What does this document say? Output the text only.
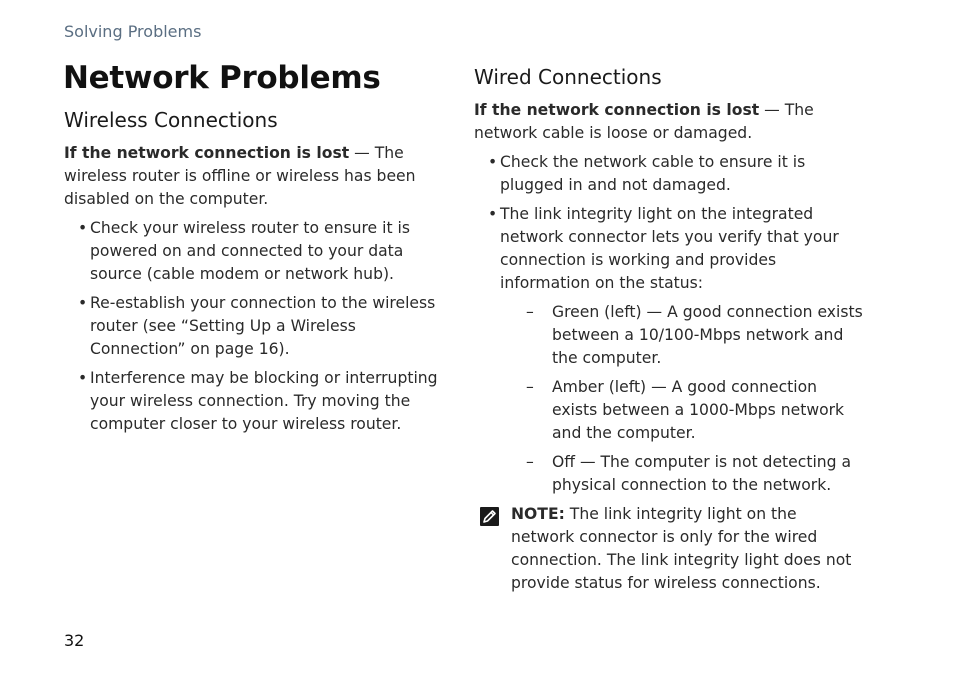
Solving Problems
Network Problems
Wireless Connections

If the network connection is lost — The wireless router is offline or wireless has been disabled on the computer.

• Check your wireless router to ensure it is powered on and connected to your data source (cable modem or network hub).
• Re-establish your connection to the wireless router (see “Setting Up a Wireless Connection” on page 16).
• Interference may be blocking or interrupting your wireless connection. Try moving the computer closer to your wireless router.
Wired Connections

If the network connection is lost — The network cable is loose or damaged.

• Check the network cable to ensure it is plugged in and not damaged.
• The link integrity light on the integrated network connector lets you verify that your connection is working and provides information on the status:
– Green (left) — A good connection exists between a 10/100-Mbps network and the computer.
– Amber (left) — A good connection exists between a 1000-Mbps network and the computer.
– Off — The computer is not detecting a physical connection to the network.

NOTE: The link integrity light on the network connector is only for the wired connection. The link integrity light does not provide status for wireless connections.

32
